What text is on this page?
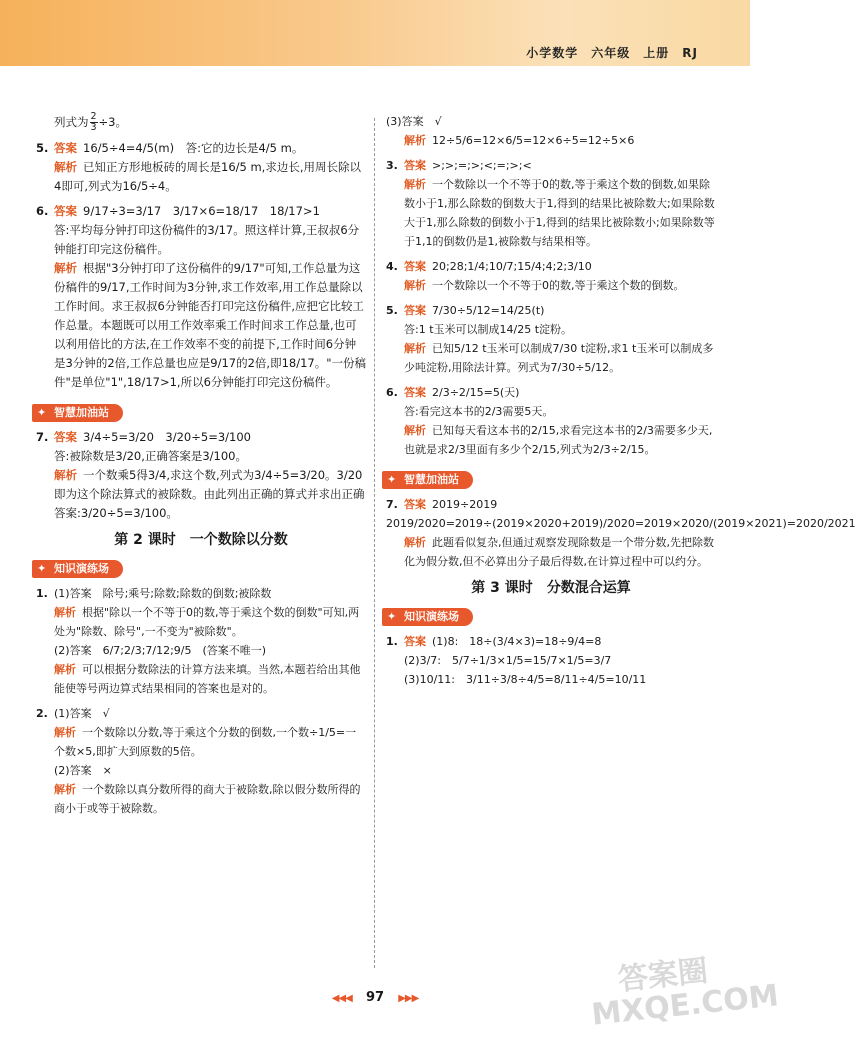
小学数学　六年级　上册　RJ
列式为 $\frac{2}{3} \div 3$。
5. 答案 16/5÷4=4/5(m)　答:它的边长是4/5 m。
解析 已知正方形地板砖的周长是16/5 m,求边长,用周长除以4即可,列式为16/5÷4。
6. 答案 9/17÷3=3/17　3/17×6=18/17　18/17>1
答:平均每分钟打印这份稿件的3/17。照这样计算,王叔叔6分钟能打印完这份稿件。
解析 根据"3分钟打印了这份稿件的9/17"可知,工作总量为这份稿件的9/17,工作时间为3分钟,求工作效率,用工作总量除以工作时间。求王叔叔6分钟能否打印完这份稿件,应把它比较工作总量。本题既可以用工作效率乘工作时间求工作总量,也可以利用倍比的方法,在工作效率不变的前提下,工作时间6分钟是3分钟的2倍,工作总量也应是9/17的2倍,即18/17。"一份稿件"是单位"1",18/17>1,所以6分钟能打印完这份稿件。
✦ 智慧加油站
7. 答案 3/4÷5=3/20　3/20÷5=3/100
答:被除数是3/20,正确答案是3/100。
解析 一个数乘5得3/4,求这个数,列式为3/4÷5=3/20。3/20即为这个除法算式的被除数。由此列出正确的算式并求出正确答案:3/20÷5=3/100。
第 2 课时　一个数除以分数
✦ 知识演练场
1. (1)答案　除号;乘号;除数;除数的倒数;被除数
解析 根据"除以一个不等于0的数,等于乘这个数的倒数"可知,两处为"除数、除号",一不变为"被除数"。
(2)答案　6/7;2/3;7/12;9/5　(答案不唯一)
解析 可以根据分数除法的计算方法来填。当然,本题若给出其他能使等号两边算式结果相同的答案也是对的。
2. (1)答案　√
解析 一个数除以分数,等于乘这个分数的倒数,一个数÷1/5=一个数×5,即扩大到原数的5倍。
(2)答案　×
解析 一个数除以真分数所得的商大于被除数,除以假分数所得的商小于或等于被除数。
(3)答案　√
解析 12÷5/6=12×6/5=12×6÷5=12÷5×6
3. 答案 >;>;=;>;<;=;>;<
解析 一个数除以一个不等于0的数,等于乘这个数的倒数,如果除数小于1,那么除数的倒数大于1,得到的结果比被除数大;如果除数大于1,那么除数的倒数小于1,得到的结果比被除数小;如果除数等于1,1的倒数仍是1,被除数与结果相等。
4. 答案 20;28;1/4;10/7;15/4;4;2;3/10
解析 一个数除以一个不等于0的数,等于乘这个数的倒数。
5. 答案 7/30÷5/12=14/25(t)
答:1 t玉米可以制成14/25 t淀粉。
解析 已知5/12 t玉米可以制成7/30 t淀粉,求1 t玉米可以制成多少吨淀粉,用除法计算。列式为7/30÷5/12。
6. 答案 2/3÷2/15=5(天)
答:看完这本书的2/3需要5天。
解析 已知每天看这本书的2/15,求看完这本书的2/3需要多少天,也就是求2/3里面有多少个2/15,列式为2/3÷2/15。
✦ 智慧加油站
7. 答案 2019÷2019 2019/2020=2019÷(2019×2020+2019)/2020=2019×2020/(2019×2021)=2020/2021
解析 此题看似复杂,但通过观察发现除数是一个带分数,先把除数化为假分数,但不必算出分子最后得数,在计算过程中可以约分。
第 3 课时　分数混合运算
✦ 知识演练场
1. 答案 (1)8:　18÷(3/4×3)=18÷9/4=8
(2)3/7:　5/7÷1/3×1/5=15/7×1/5=3/7
(3)10/11:　3/11÷3/8÷4/5=8/11÷4/5=10/11
◀◀◀ 97 ▶▶▶
答案圈
MXQE.COM
